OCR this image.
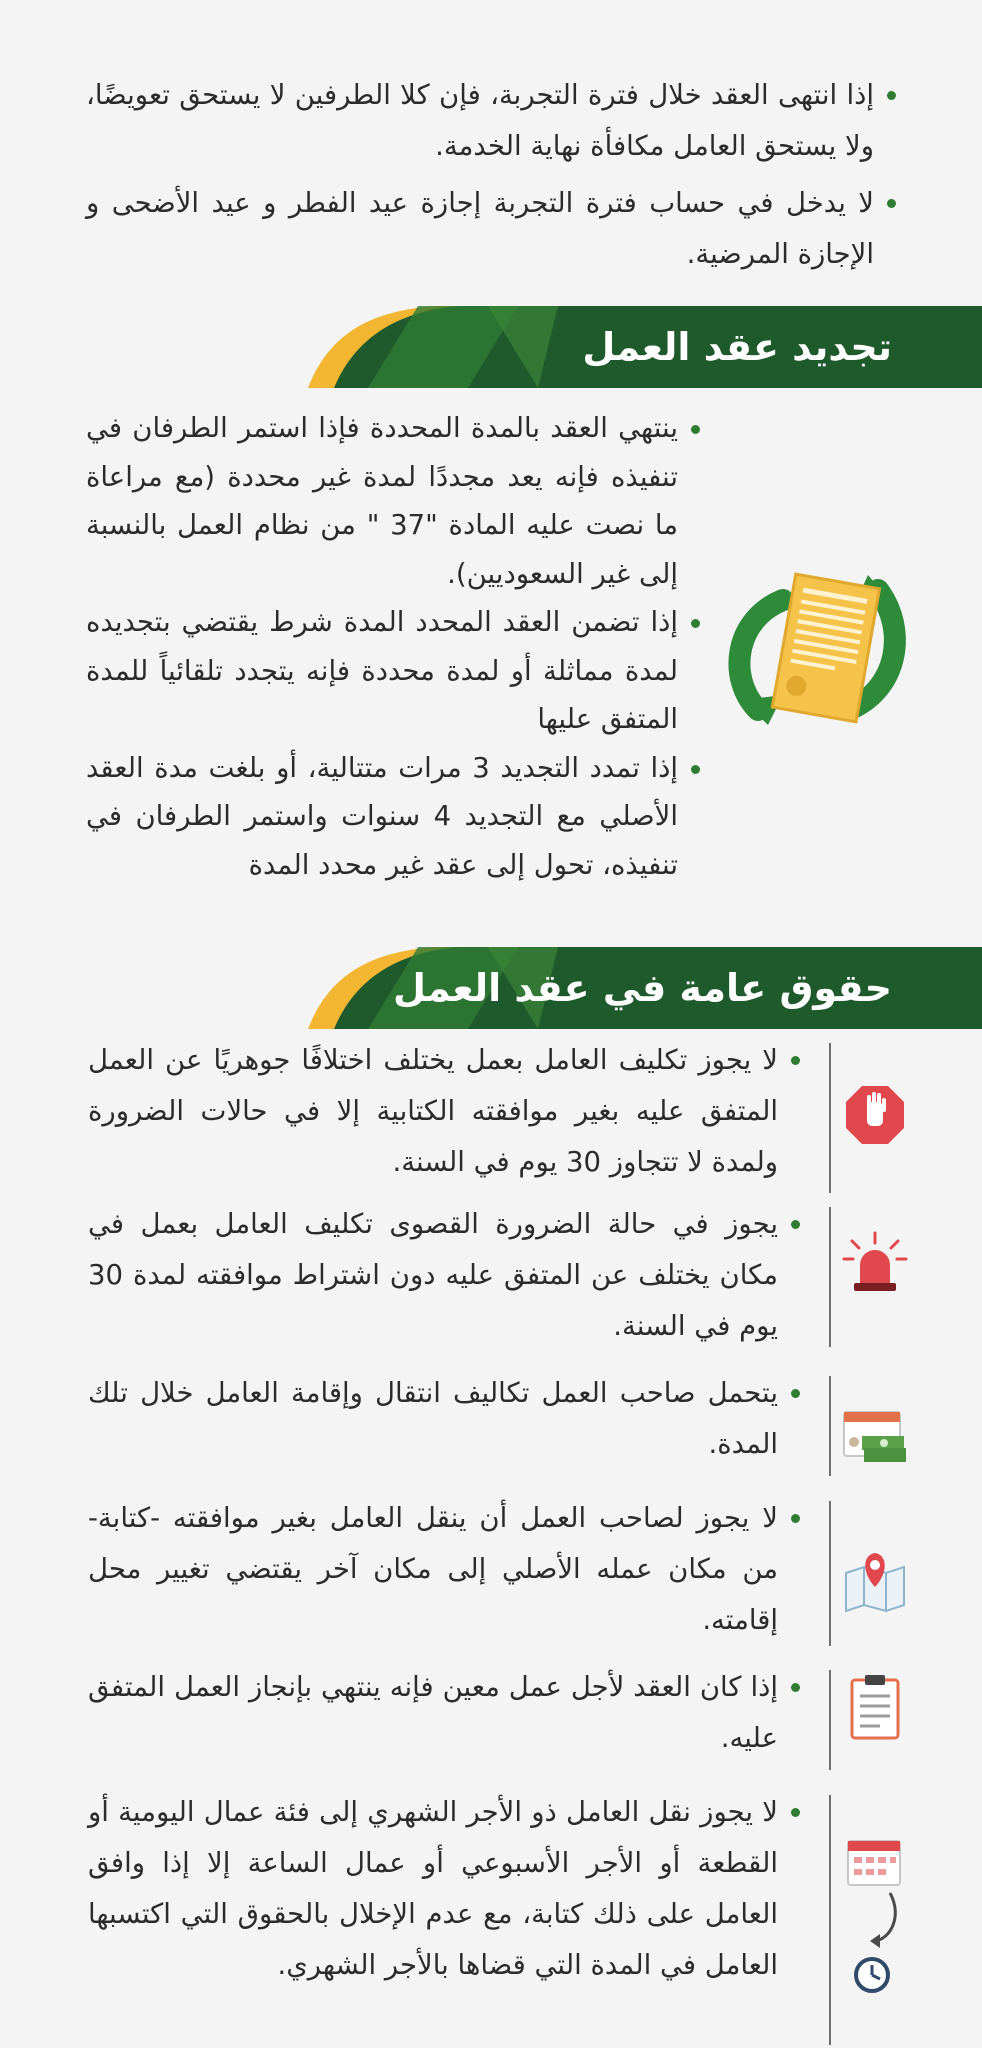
إذا انتهى العقد خلال فترة التجربة، فإن كلا الطرفين لا يستحق تعويضًا، ولا يستحق العامل مكافأة نهاية الخدمة.

لا يدخل في حساب فترة التجربة إجازة عيد الفطر و عيد الأضحى و الإجازة المرضية.

تجديد عقد العمل

ينتهي العقد بالمدة المحددة فإذا استمر الطرفان في تنفيذه فإنه يعد مجددًا لمدة غير محددة (مع مراعاة ما نصت عليه المادة "37 " من نظام العمل بالنسبة إلى غير السعوديين).

إذا تضمن العقد المحدد المدة شرط يقتضي بتجديده لمدة مماثلة أو لمدة محددة فإنه يتجدد تلقائياً للمدة المتفق عليها

إذا تمدد التجديد 3 مرات متتالية، أو بلغت مدة العقد الأصلي مع التجديد 4 سنوات واستمر الطرفان في تنفيذه، تحول إلى عقد غير محدد المدة

حقوق عامة في عقد العمل

لا يجوز تكليف العامل بعمل يختلف اختلافًا جوهريًا عن العمل المتفق عليه بغير موافقته الكتابية إلا في حالات الضرورة ولمدة لا تتجاوز 30 يوم في السنة.

يجوز في حالة الضرورة القصوى تكليف العامل بعمل في مكان يختلف عن المتفق عليه دون اشتراط موافقته لمدة 30 يوم في السنة.

يتحمل صاحب العمل تكاليف انتقال وإقامة العامل خلال تلك المدة.

لا يجوز لصاحب العمل أن ينقل العامل بغير موافقته -كتابة- من مكان عمله الأصلي إلى مكان آخر يقتضي تغيير محل إقامته.

إذا كان العقد لأجل عمل معين فإنه ينتهي بإنجاز العمل المتفق عليه.

لا يجوز نقل العامل ذو الأجر الشهري إلى فئة عمال اليومية أو القطعة أو الأجر الأسبوعي أو عمال الساعة إلا إذا وافق العامل على ذلك كتابة، مع عدم الإخلال بالحقوق التي اكتسبها العامل في المدة التي قضاها بالأجر الشهري.
